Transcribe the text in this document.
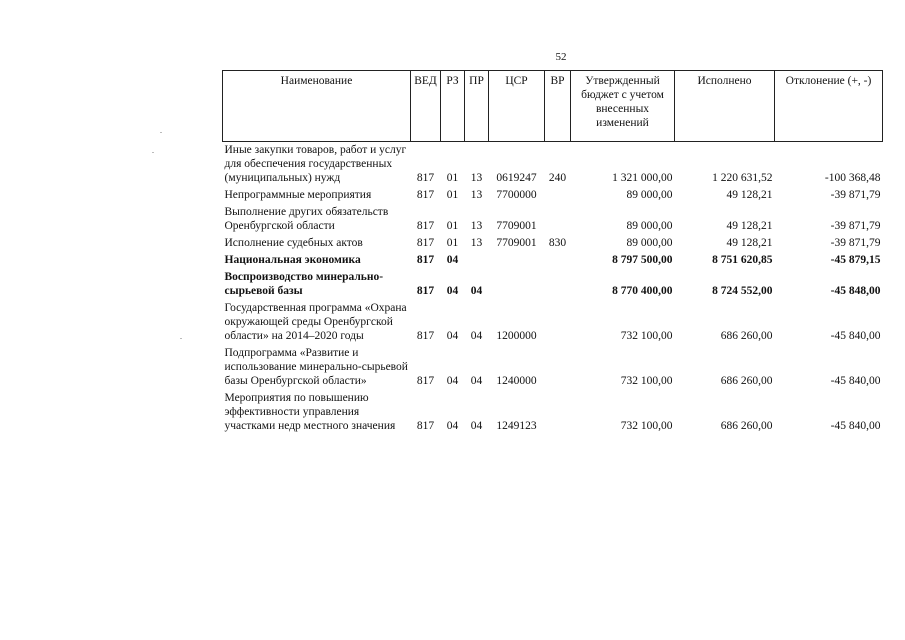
52
Наименование	ВЕД	РЗ	ПР	ЦСР	ВР	Утвержденный бюджет с учетом внесенных изменений	Исполнено	Отклонение (+, -)
Иные закупки товаров, работ и услуг для обеспечения государственных (муниципальных) нужд	817	01	13	0619247	240	1 321 000,00	1 220 631,52	-100 368,48
Непрограммные мероприятия	817	01	13	7700000		89 000,00	49 128,21	-39 871,79
Выполнение других обязательств Оренбургской области	817	01	13	7709001		89 000,00	49 128,21	-39 871,79
Исполнение судебных актов	817	01	13	7709001	830	89 000,00	49 128,21	-39 871,79
Национальная экономика	817	04				8 797 500,00	8 751 620,85	-45 879,15
Воспроизводство минерально-сырьевой базы	817	04	04			8 770 400,00	8 724 552,00	-45 848,00
Государственная программа «Охрана окружающей среды Оренбургской области» на 2014–2020 годы	817	04	04	1200000		732 100,00	686 260,00	-45 840,00
Подпрограмма «Развитие и использование минерально-сырьевой базы Оренбургской области»	817	04	04	1240000		732 100,00	686 260,00	-45 840,00
Мероприятия по повышению эффективности управления участками недр местного значения	817	04	04	1249123		732 100,00	686 260,00	-45 840,00
